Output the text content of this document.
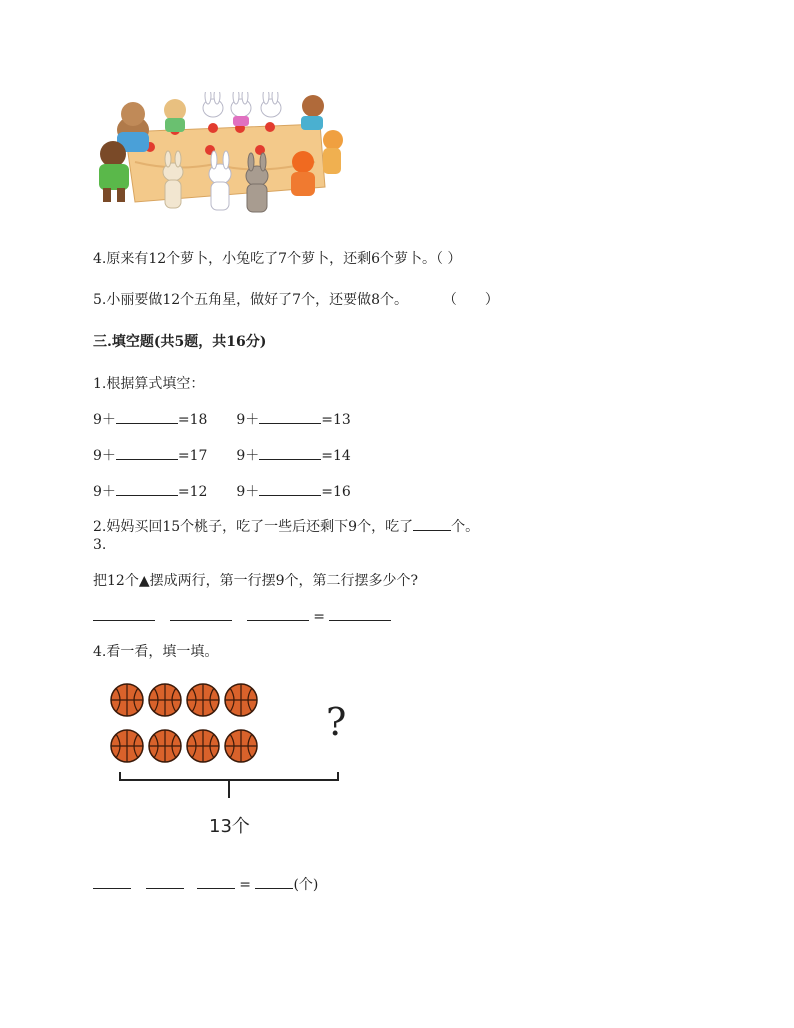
4.原来有12个萝卜，小兔吃了7个萝卜，还剩6个萝卜。（ ）
5.小丽要做12个五角星，做好了7个，还要做8个。 （　　）
三.填空题(共5题，共16分)
1.根据算式填空：
9＋	=18 9＋	=13
9＋	=17 9＋	=14
9＋	=12 9＋	=16
2.妈妈买回15个桃子，吃了一些后还剩下9个，吃了	个。
3.
把12个▲摆成两行，第一行摆9个，第二行摆多少个?
=
4.看一看，填一填。
?
13个
=	(个)
